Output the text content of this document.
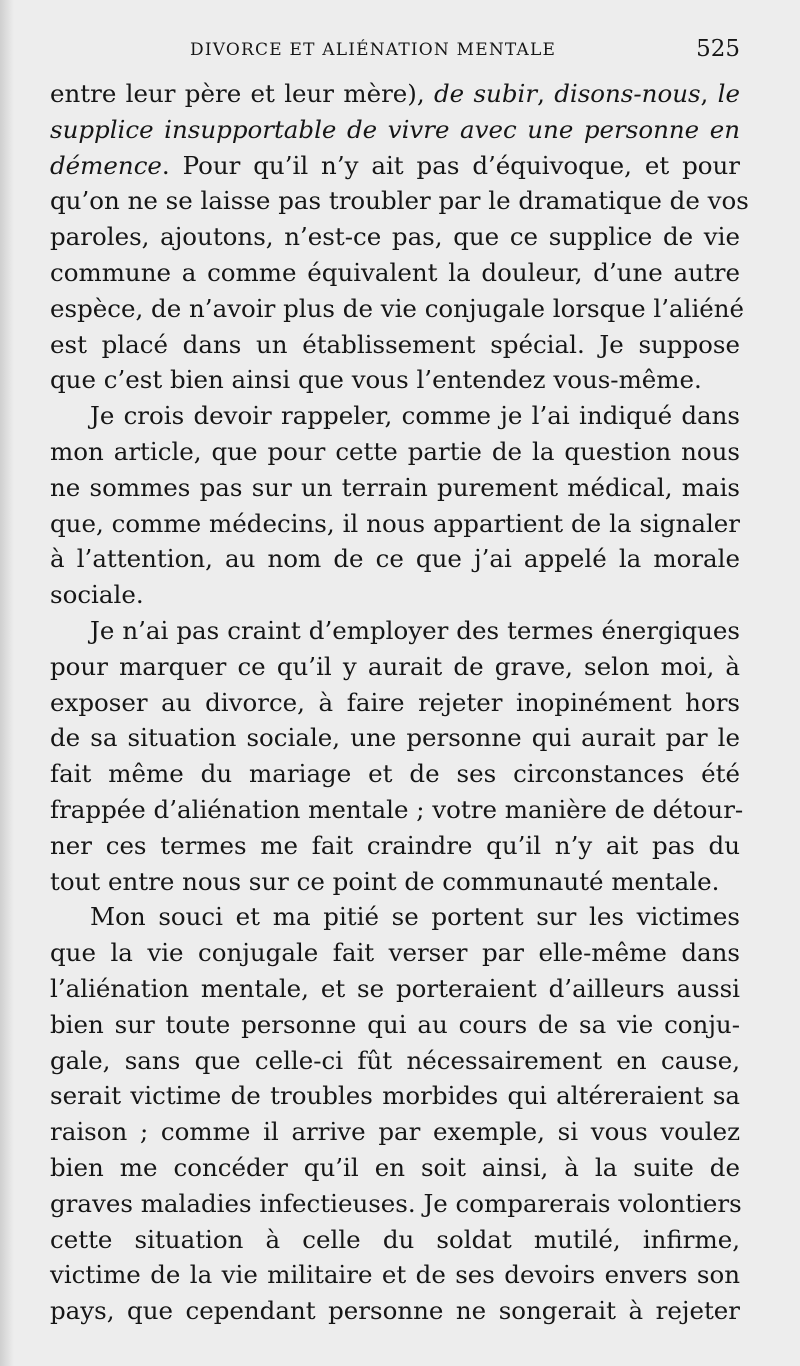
DIVORCE ET ALIÉNATION MENTALE	525
entre leur père et leur mère), de subir, disons-nous, le
supplice insupportable de vivre avec une personne en
démence. Pour qu’il n’y ait pas d’équivoque, et pour
qu’on ne se laisse pas troubler par le dramatique de vos
paroles, ajoutons, n’est-ce pas, que ce supplice de vie
commune a comme équivalent la douleur, d’une autre
espèce, de n’avoir plus de vie conjugale lorsque l’aliéné
est placé dans un établissement spécial. Je suppose
que c’est bien ainsi que vous l’entendez vous-même.
Je crois devoir rappeler, comme je l’ai indiqué dans
mon article, que pour cette partie de la question nous
ne sommes pas sur un terrain purement médical, mais
que, comme médecins, il nous appartient de la signaler
à l’attention, au nom de ce que j’ai appelé la morale
sociale.
Je n’ai pas craint d’employer des termes énergiques
pour marquer ce qu’il y aurait de grave, selon moi, à
exposer au divorce, à faire rejeter inopinément hors
de sa situation sociale, une personne qui aurait par le
fait même du mariage et de ses circonstances été
frappée d’aliénation mentale ; votre manière de détour-
ner ces termes me fait craindre qu’il n’y ait pas du
tout entre nous sur ce point de communauté mentale.
Mon souci et ma pitié se portent sur les victimes
que la vie conjugale fait verser par elle-même dans
l’aliénation mentale, et se porteraient d’ailleurs aussi
bien sur toute personne qui au cours de sa vie conju-
gale, sans que celle-ci fût nécessairement en cause,
serait victime de troubles morbides qui altéreraient sa
raison ; comme il arrive par exemple, si vous voulez
bien me concéder qu’il en soit ainsi, à la suite de
graves maladies infectieuses. Je comparerais volontiers
cette situation à celle du soldat mutilé, infirme,
victime de la vie militaire et de ses devoirs envers son
pays, que cependant personne ne songerait à rejeter
